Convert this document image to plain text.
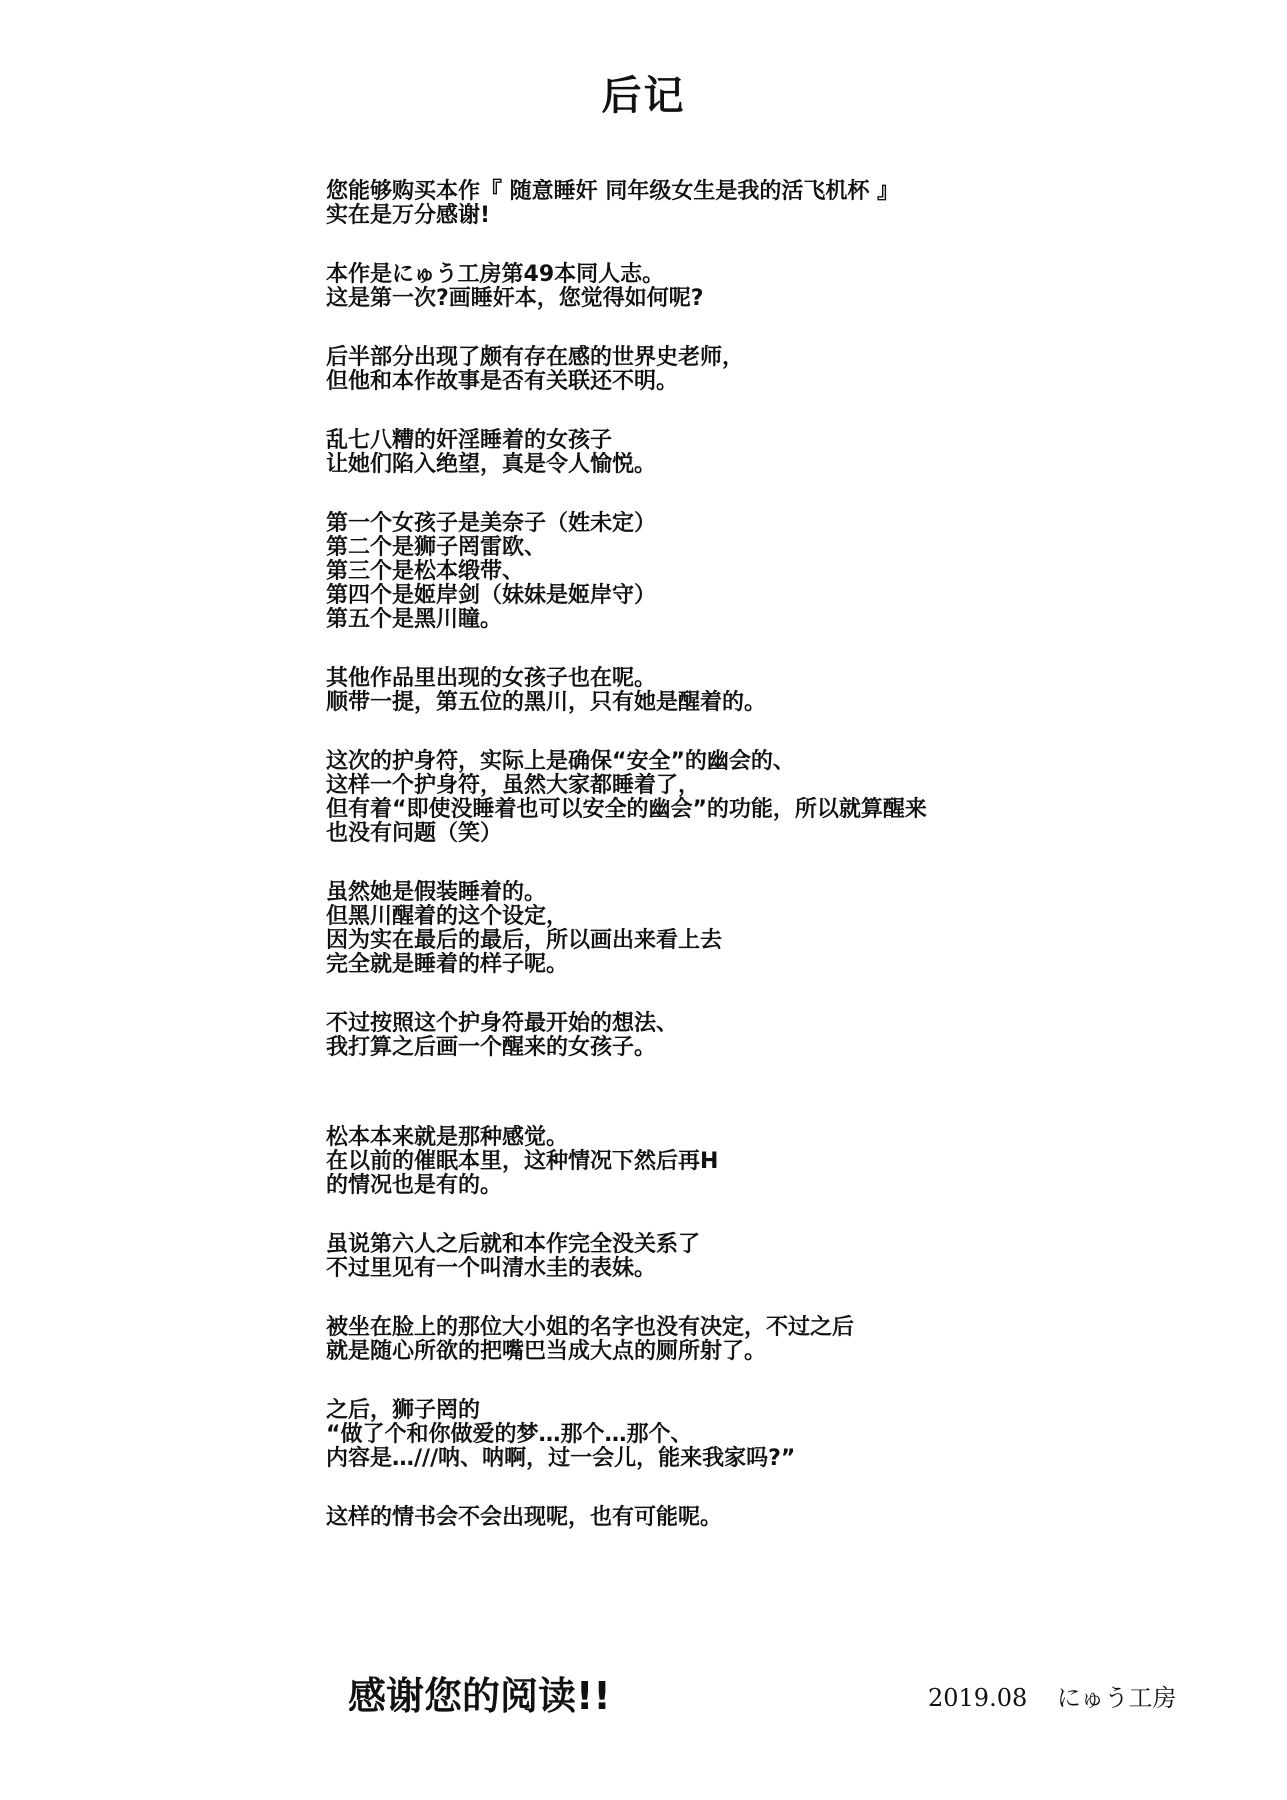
后记
您能够购买本作『 随意睡奸 同年级女生是我的活飞机杯 』
实在是万分感谢!
本作是にゅう工房第49本同人志。
这是第一次?画睡奸本，您觉得如何呢?
后半部分出现了颇有存在感的世界史老师，
但他和本作故事是否有关联还不明。
乱七八糟的奸淫睡着的女孩子
让她们陷入绝望，真是令人愉悦。
第一个女孩子是美奈子（姓未定）
第二个是狮子罔雷欧、
第三个是松本缎带、
第四个是姬岸剑（妹妹是姬岸守）
第五个是黑川瞳。
其他作品里出现的女孩子也在呢。
顺带一提，第五位的黑川，只有她是醒着的。
这次的护身符，实际上是确保“安全”的幽会的、
这样一个护身符，虽然大家都睡着了，
但有着“即使没睡着也可以安全的幽会”的功能，所以就算醒来
也没有问题（笑）
虽然她是假装睡着的。
但黑川醒着的这个设定，
因为实在最后的最后，所以画出来看上去
完全就是睡着的样子呢。
不过按照这个护身符最开始的想法、
我打算之后画一个醒来的女孩子。
松本本来就是那种感觉。
在以前的催眠本里，这种情况下然后再H
的情况也是有的。
虽说第六人之后就和本作完全没关系了
不过里见有一个叫清水圭的表妹。
被坐在脸上的那位大小姐的名字也没有决定，不过之后
就是随心所欲的把嘴巴当成大点的厕所射了。
之后，狮子罔的
“做了个和你做爱的梦…那个…那个、
内容是…///呐、呐啊，过一会儿，能来我家吗?”
这样的情书会不会出现呢，也有可能呢。
感谢您的阅读!!	2019.08 にゅう工房
